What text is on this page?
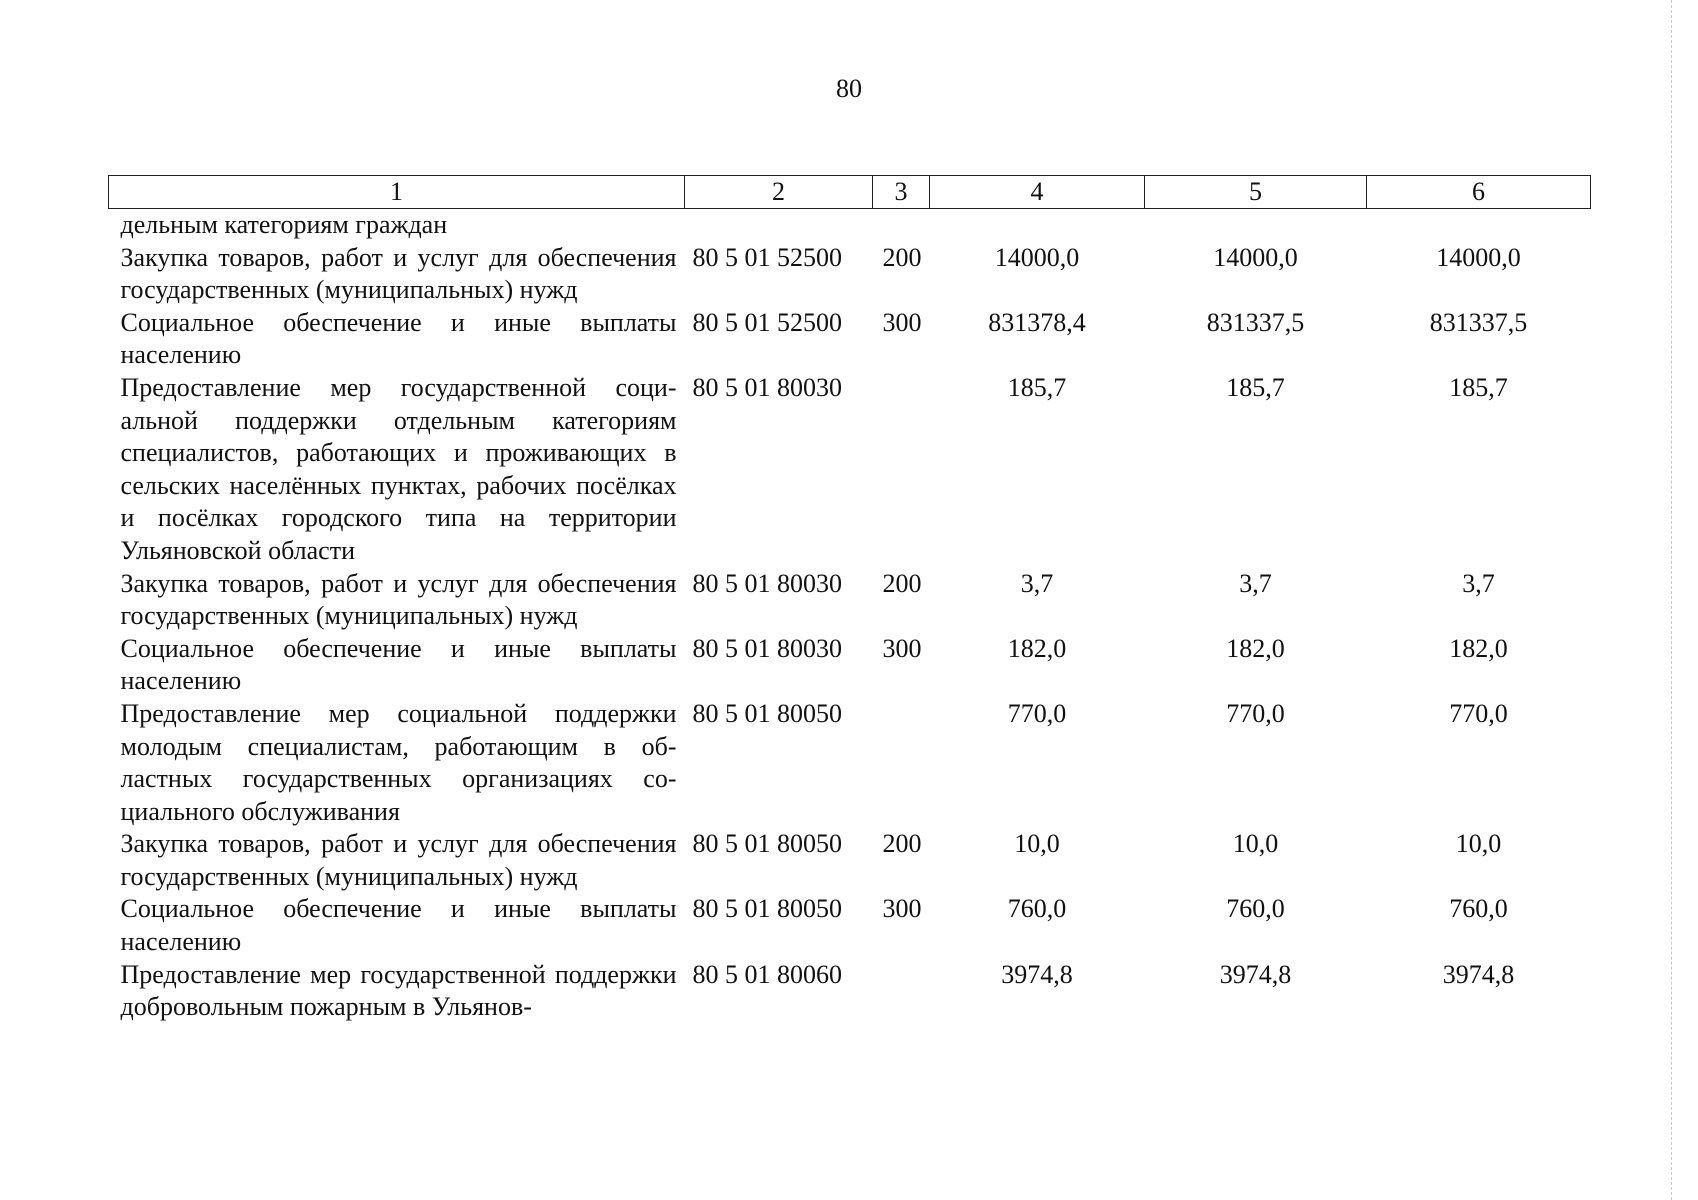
80
1	2	3	4	5	6
дельным категориям граждан					
Закупка товаров, работ и услуг для обеспечения государственных (муниципальных) нужд	80 5 01 52500	200	14000,0	14000,0	14000,0
Социальное обеспечение и иные выплаты населению	80 5 01 52500	300	831378,4	831337,5	831337,5
Предоставление мер государственной социальной поддержки отдельным категориям специалистов, работающих и проживающих в сельских населённых пунктах, рабочих посёлках и посёлках городского типа на территории Ульяновской области	80 5 01 80030		185,7	185,7	185,7
Закупка товаров, работ и услуг для обеспечения государственных (муниципальных) нужд	80 5 01 80030	200	3,7	3,7	3,7
Социальное обеспечение и иные выплаты населению	80 5 01 80030	300	182,0	182,0	182,0
Предоставление мер социальной поддержки молодым специалистам, работающим в областных государственных организациях социального обслуживания	80 5 01 80050		770,0	770,0	770,0
Закупка товаров, работ и услуг для обеспечения государственных (муниципальных) нужд	80 5 01 80050	200	10,0	10,0	10,0
Социальное обеспечение и иные выплаты населению	80 5 01 80050	300	760,0	760,0	760,0
Предоставление мер государственной поддержки добровольным пожарным в Ульянов-	80 5 01 80060		3974,8	3974,8	3974,8
